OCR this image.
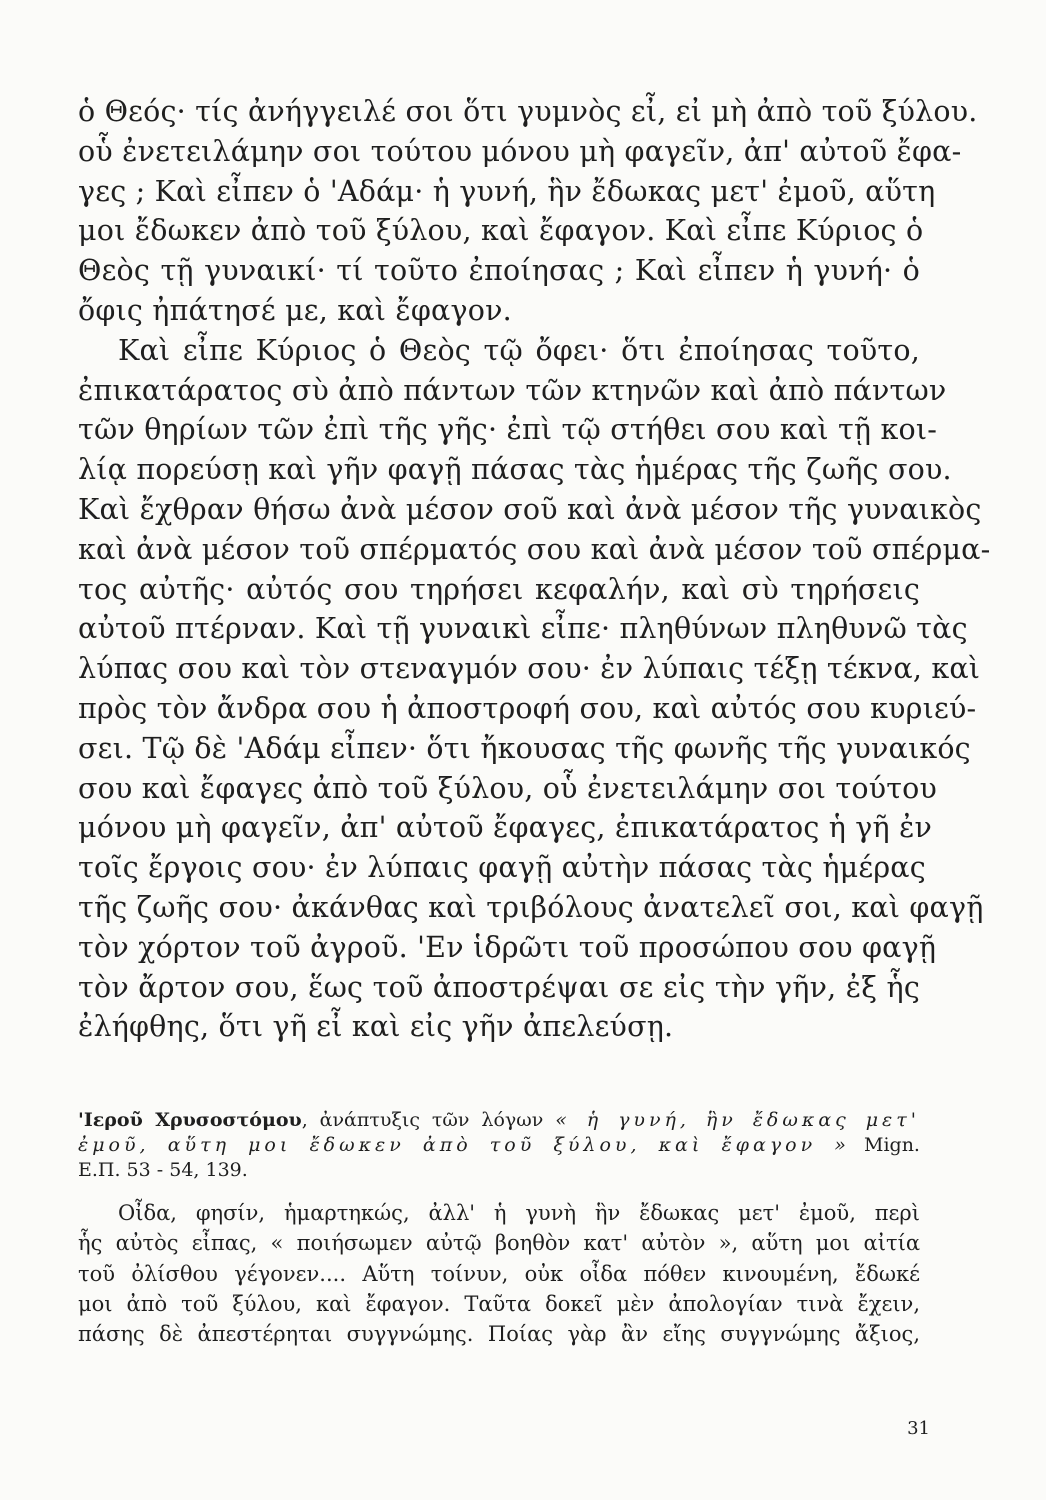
ὁ Θεός· τίς ἀνήγγειλέ σοι ὅτι γυμνὸς εἶ, εἰ μὴ ἀπὸ τοῦ ξύλου.
οὗ ἐνετειλάμην σοι τούτου μόνου μὴ φαγεῖν, ἀπ' αὐτοῦ ἔφα-
γες ; Καὶ εἶπεν ὁ 'Αδάμ· ἡ γυνή, ἣν ἔδωκας μετ' ἐμοῦ, αὕτη
μοι ἔδωκεν ἀπὸ τοῦ ξύλου, καὶ ἔφαγον. Καὶ εἶπε Κύριος ὁ
Θεὸς τῇ γυναικί· τί τοῦτο ἐποίησας ; Καὶ εἶπεν ἡ γυνή· ὁ
ὄφις ἠπάτησέ με, καὶ ἔφαγον.
Καὶ εἶπε Κύριος ὁ Θεὸς τῷ ὄφει· ὅτι ἐποίησας τοῦτο,
ἐπικατάρατος σὺ ἀπὸ πάντων τῶν κτηνῶν καὶ ἀπὸ πάντων
τῶν θηρίων τῶν ἐπὶ τῆς γῆς· ἐπὶ τῷ στήθει σου καὶ τῇ κοι-
λίᾳ πορεύσῃ καὶ γῆν φαγῇ πάσας τὰς ἡμέρας τῆς ζωῆς σου.
Καὶ ἔχθραν θήσω ἀνὰ μέσον σοῦ καὶ ἀνὰ μέσον τῆς γυναικὸς
καὶ ἀνὰ μέσον τοῦ σπέρματός σου καὶ ἀνὰ μέσον τοῦ σπέρμα-
τος αὐτῆς· αὐτός σου τηρήσει κεφαλήν, καὶ σὺ τηρήσεις
αὐτοῦ πτέρναν. Καὶ τῇ γυναικὶ εἶπε· πληθύνων πληθυνῶ τὰς
λύπας σου καὶ τὸν στεναγμόν σου· ἐν λύπαις τέξῃ τέκνα, καὶ
πρὸς τὸν ἄνδρα σου ἡ ἀποστροφή σου, καὶ αὐτός σου κυριεύ-
σει. Τῷ δὲ 'Αδάμ εἶπεν· ὅτι ἤκουσας τῆς φωνῆς τῆς γυναικός
σου καὶ ἔφαγες ἀπὸ τοῦ ξύλου, οὗ ἐνετειλάμην σοι τούτου
μόνου μὴ φαγεῖν, ἀπ' αὐτοῦ ἔφαγες, ἐπικατάρατος ἡ γῆ ἐν
τοῖς ἔργοις σου· ἐν λύπαις φαγῇ αὐτὴν πάσας τὰς ἡμέρας
τῆς ζωῆς σου· ἀκάνθας καὶ τριβόλους ἀνατελεῖ σοι, καὶ φαγῇ
τὸν χόρτον τοῦ ἀγροῦ. 'Εν ἱδρῶτι τοῦ προσώπου σου φαγῇ
τὸν ἄρτον σου, ἕως τοῦ ἀποστρέψαι σε εἰς τὴν γῆν, ἐξ ἧς
ἐλήφθης, ὅτι γῆ εἶ καὶ εἰς γῆν ἀπελεύσῃ.
'Ιεροῦ Χρυσοστόμου, ἀνάπτυξις τῶν λόγων « ἡ γυνή, ἣν ἔδωκας μετ'
ἐμοῦ, αὕτη μοι ἔδωκεν ἀπὸ τοῦ ξύλου, καὶ ἔφαγον » Mign.
Ε.Π. 53 - 54, 139.
Οἶδα, φησίν, ἡμαρτηκώς, ἀλλ' ἡ γυνὴ ἣν ἔδωκας μετ' ἐμοῦ, περὶ
ἧς αὐτὸς εἶπας, « ποιήσωμεν αὐτῷ βοηθὸν κατ' αὐτὸν », αὕτη μοι αἰτία
τοῦ ὀλίσθου γέγονεν.... Αὕτη τοίνυν, οὐκ οἶδα πόθεν κινουμένη, ἔδωκέ
μοι ἀπὸ τοῦ ξύλου, καὶ ἔφαγον. Ταῦτα δοκεῖ μὲν ἀπολογίαν τινὰ ἔχειν,
πάσης δὲ ἀπεστέρηται συγγνώμης. Ποίας γὰρ ἂν εἴης συγγνώμης ἄξιος,
31
